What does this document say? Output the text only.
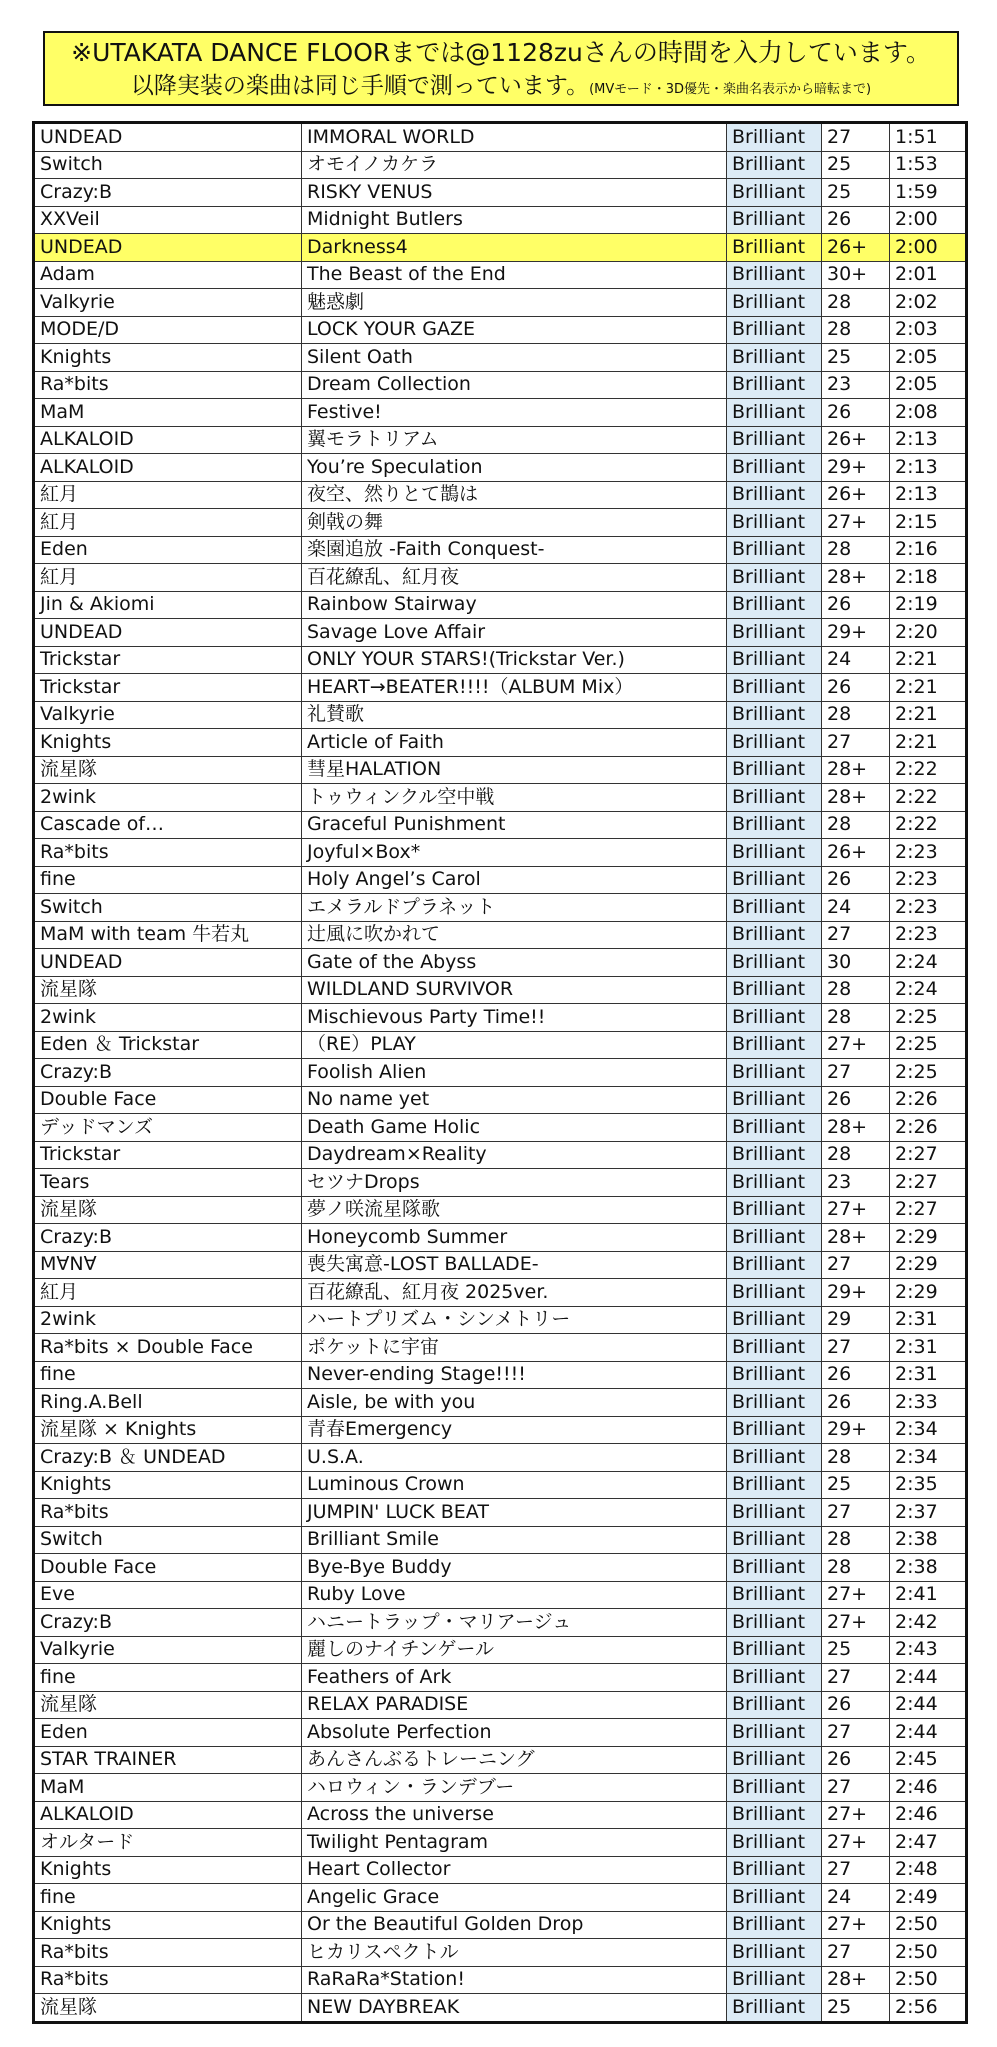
※UTAKATA DANCE FLOORまでは@1128zuさんの時間を入力しています。
以降実装の楽曲は同じ手順で測っています。(MVモード・3D優先・楽曲名表示から暗転まで)
UNDEAD	IMMORAL WORLD	Brilliant	27	1:51
Switch	オモイノカケラ	Brilliant	25	1:53
Crazy:B	RISKY VENUS	Brilliant	25	1:59
XXVeil	Midnight Butlers	Brilliant	26	2:00
UNDEAD	Darkness4	Brilliant	26+	2:00
Adam	The Beast of the End	Brilliant	30+	2:01
Valkyrie	魅惑劇	Brilliant	28	2:02
MODE/D	LOCK YOUR GAZE	Brilliant	28	2:03
Knights	Silent Oath	Brilliant	25	2:05
Ra*bits	Dream Collection	Brilliant	23	2:05
MaM	Festive!	Brilliant	26	2:08
ALKALOID	翼モラトリアム	Brilliant	26+	2:13
ALKALOID	You’re Speculation	Brilliant	29+	2:13
紅月	夜空、然りとて鵲は	Brilliant	26+	2:13
紅月	剣戟の舞	Brilliant	27+	2:15
Eden	楽園追放 -Faith Conquest-	Brilliant	28	2:16
紅月	百花繚乱、紅月夜	Brilliant	28+	2:18
Jin & Akiomi	Rainbow Stairway	Brilliant	26	2:19
UNDEAD	Savage Love Affair	Brilliant	29+	2:20
Trickstar	ONLY YOUR STARS!(Trickstar Ver.)	Brilliant	24	2:21
Trickstar	HEART→BEATER!!!!（ALBUM Mix）	Brilliant	26	2:21
Valkyrie	礼賛歌	Brilliant	28	2:21
Knights	Article of Faith	Brilliant	27	2:21
流星隊	彗星HALATION	Brilliant	28+	2:22
2wink	トゥウィンクル空中戦	Brilliant	28+	2:22
Cascade of…	Graceful Punishment	Brilliant	28	2:22
Ra*bits	Joyful×Box*	Brilliant	26+	2:23
fine	Holy Angel’s Carol	Brilliant	26	2:23
Switch	エメラルドプラネット	Brilliant	24	2:23
MaM with team 牛若丸	辻風に吹かれて	Brilliant	27	2:23
UNDEAD	Gate of the Abyss	Brilliant	30	2:24
流星隊	WILDLAND SURVIVOR	Brilliant	28	2:24
2wink	Mischievous Party Time!!	Brilliant	28	2:25
Eden ＆ Trickstar	（RE）PLAY	Brilliant	27+	2:25
Crazy:B	Foolish Alien	Brilliant	27	2:25
Double Face	No name yet	Brilliant	26	2:26
デッドマンズ	Death Game Holic	Brilliant	28+	2:26
Trickstar	Daydream×Reality	Brilliant	28	2:27
Tears	セツナDrops	Brilliant	23	2:27
流星隊	夢ノ咲流星隊歌	Brilliant	27+	2:27
Crazy:B	Honeycomb Summer	Brilliant	28+	2:29
M∀N∀	喪失寓意-LOST BALLADE-	Brilliant	27	2:29
紅月	百花繚乱、紅月夜 2025ver.	Brilliant	29+	2:29
2wink	ハートプリズム・シンメトリー	Brilliant	29	2:31
Ra*bits × Double Face	ポケットに宇宙	Brilliant	27	2:31
fine	Never-ending Stage!!!!	Brilliant	26	2:31
Ring.A.Bell	Aisle, be with you	Brilliant	26	2:33
流星隊 × Knights	青春Emergency	Brilliant	29+	2:34
Crazy:B ＆ UNDEAD	U.S.A.	Brilliant	28	2:34
Knights	Luminous Crown	Brilliant	25	2:35
Ra*bits	JUMPIN' LUCK BEAT	Brilliant	27	2:37
Switch	Brilliant Smile	Brilliant	28	2:38
Double Face	Bye-Bye Buddy	Brilliant	28	2:38
Eve	Ruby Love	Brilliant	27+	2:41
Crazy:B	ハニートラップ・マリアージュ	Brilliant	27+	2:42
Valkyrie	麗しのナイチンゲール	Brilliant	25	2:43
fine	Feathers of Ark	Brilliant	27	2:44
流星隊	RELAX PARADISE	Brilliant	26	2:44
Eden	Absolute Perfection	Brilliant	27	2:44
STAR TRAINER	あんさんぶるトレーニング	Brilliant	26	2:45
MaM	ハロウィン・ランデブー	Brilliant	27	2:46
ALKALOID	Across the universe	Brilliant	27+	2:46
オルタード	Twilight Pentagram	Brilliant	27+	2:47
Knights	Heart Collector	Brilliant	27	2:48
fine	Angelic Grace	Brilliant	24	2:49
Knights	Or the Beautiful Golden Drop	Brilliant	27+	2:50
Ra*bits	ヒカリスペクトル	Brilliant	27	2:50
Ra*bits	RaRaRa*Station!	Brilliant	28+	2:50
流星隊	NEW DAYBREAK	Brilliant	25	2:56
